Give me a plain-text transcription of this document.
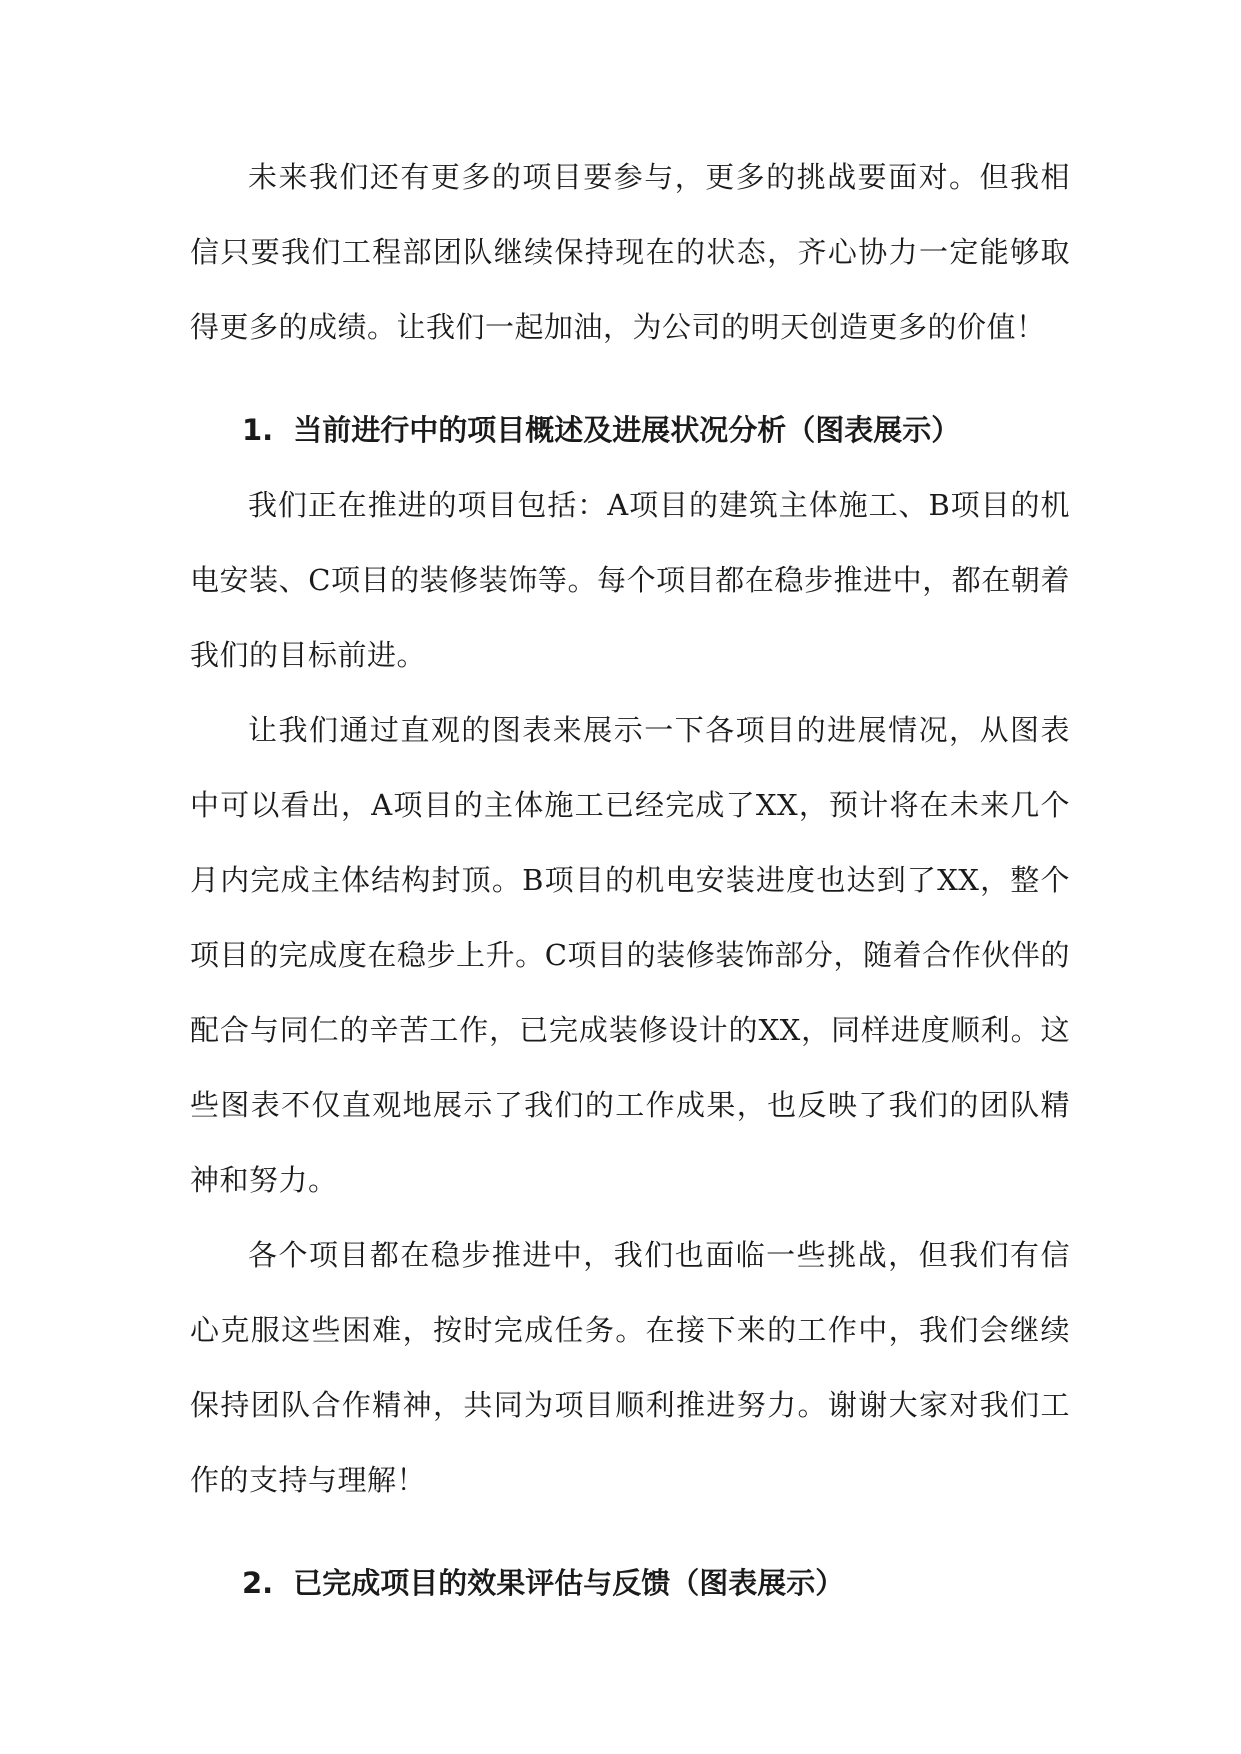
未来我们还有更多的项目要参与，更多的挑战要面对。但我相信只要我们工程部团队继续保持现在的状态，齐心协力一定能够取得更多的成绩。让我们一起加油，为公司的明天创造更多的价值！

1. 当前进行中的项目概述及进展状况分析（图表展示）

我们正在推进的项目包括：A项目的建筑主体施工、B项目的机电安装、C项目的装修装饰等。每个项目都在稳步推进中，都在朝着我们的目标前进。

让我们通过直观的图表来展示一下各项目的进展情况，从图表中可以看出，A项目的主体施工已经完成了XX，预计将在未来几个月内完成主体结构封顶。B项目的机电安装进度也达到了XX，整个项目的完成度在稳步上升。C项目的装修装饰部分，随着合作伙伴的配合与同仁的辛苦工作，已完成装修设计的XX，同样进度顺利。这些图表不仅直观地展示了我们的工作成果，也反映了我们的团队精神和努力。

各个项目都在稳步推进中，我们也面临一些挑战，但我们有信心克服这些困难，按时完成任务。在接下来的工作中，我们会继续保持团队合作精神，共同为项目顺利推进努力。谢谢大家对我们工作的支持与理解！

2. 已完成项目的效果评估与反馈（图表展示）
